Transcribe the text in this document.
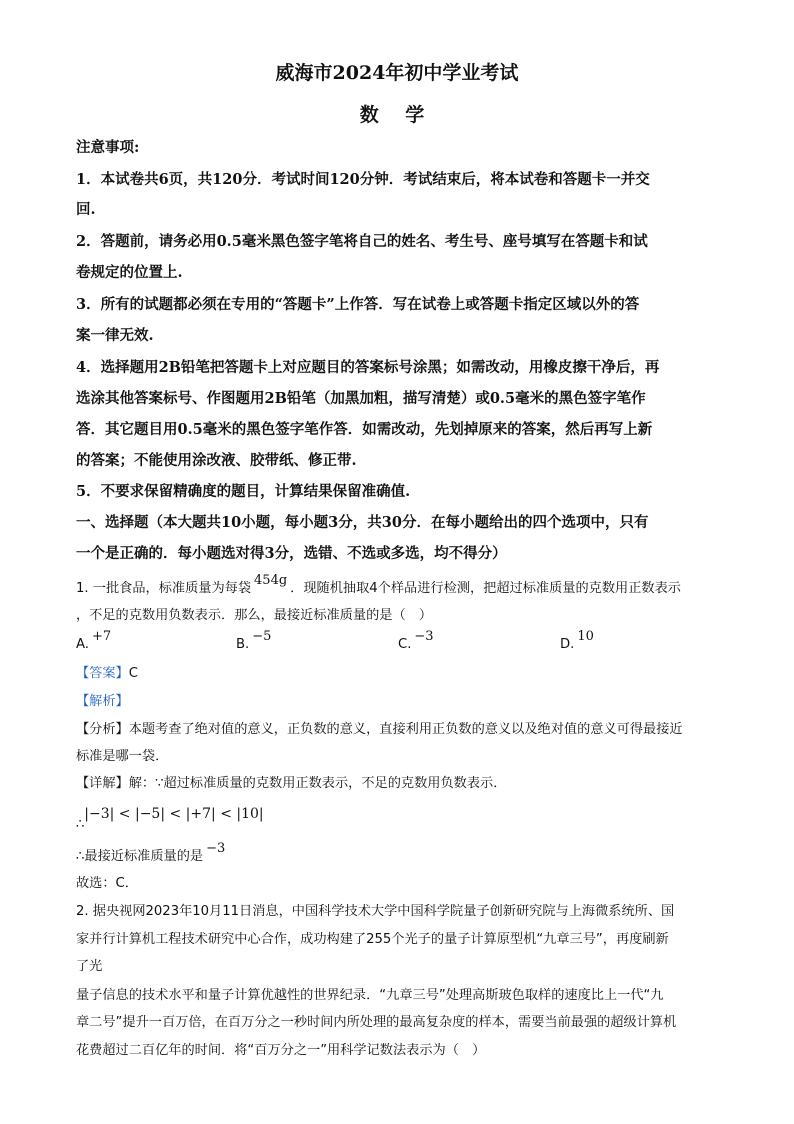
威海市2024年初中学业考试
数 学
注意事项:
1．本试卷共6页，共120分．考试时间120分钟．考试结束后，将本试卷和答题卡一并交
回.
2．答题前，请务必用0.5毫米黑色签字笔将自己的姓名、考生号、座号填写在答题卡和试
卷规定的位置上.
3．所有的试题都必须在专用的“答题卡”上作答．写在试卷上或答题卡指定区域以外的答
案一律无效.
4．选择题用2B铅笔把答题卡上对应题目的答案标号涂黑；如需改动，用橡皮擦干净后，再
选涂其他答案标号、作图题用2B铅笔（加黑加粗，描写清楚）或0.5毫米的黑色签字笔作
答．其它题目用0.5毫米的黑色签字笔作答．如需改动，先划掉原来的答案，然后再写上新
的答案；不能使用涂改液、胶带纸、修正带.
5．不要求保留精确度的题目，计算结果保留准确值.
一、选择题（本大题共10小题，每小题3分，共30分．在每小题给出的四个选项中，只有
一个是正确的．每小题选对得3分，选错、不选或多选，均不得分）
1. 一批食品，标准质量为每袋454g．现随机抽取4个样品进行检测，把超过标准质量的克数用正数表示
，不足的克数用负数表示．那么，最接近标准质量的是（　）
A.+7
B.−5
C.−3
D.10
【答案】C
【解析】
【分析】本题考查了绝对值的意义，正负数的意义，直接利用正负数的意义以及绝对值的意义可得最接近
标准是哪一袋．
【详解】解：∵超过标准质量的克数用正数表示，不足的克数用负数表示．
∴|−3| < |−5| < |+7| < |10|
∴最接近标准质量的是−3
故选：C．
2. 据央视网2023年10月11日消息，中国科学技术大学中国科学院量子创新研究院与上海微系统所、国
家并行计算机工程技术研究中心合作，成功构建了255个光子的量子计算原型机“九章三号”，再度刷新
了光
量子信息的技术水平和量子计算优越性的世界纪录．“九章三号”处理高斯玻色取样的速度比上一代“九
章二号”提升一百万倍，在百万分之一秒时间内所处理的最高复杂度的样本，需要当前最强的超级计算机
花费超过二百亿年的时间．将“百万分之一”用科学记数法表示为（　）
